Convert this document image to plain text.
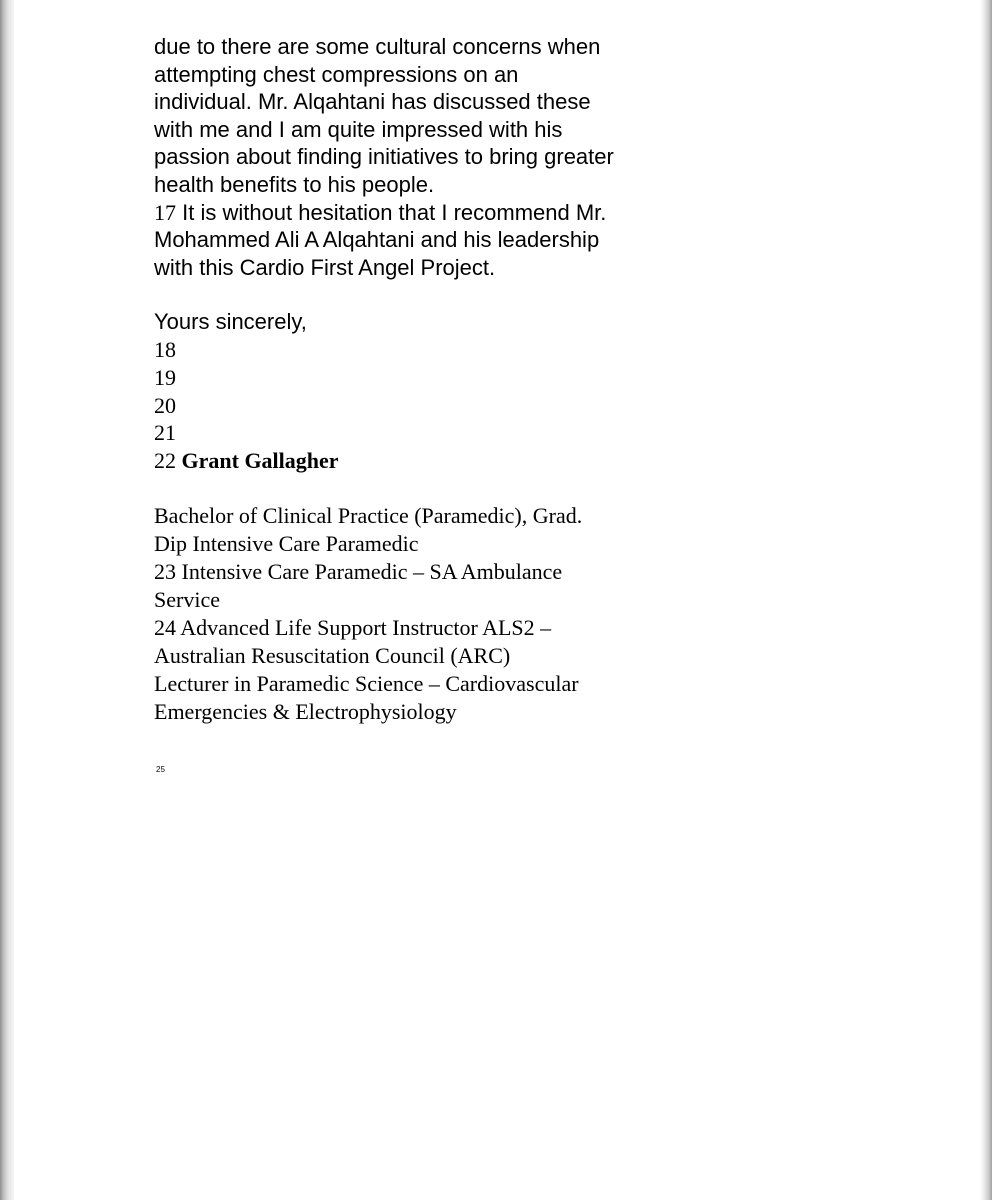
due to there are some cultural concerns when
attempting chest compressions on an
individual. Mr. Alqahtani has discussed these
with me and I am quite impressed with his
passion about finding initiatives to bring greater
health benefits to his people.
17 It is without hesitation that I recommend Mr.
Mohammed Ali A Alqahtani and his leadership
with this Cardio First Angel Project.
Yours sincerely,
18
19
20
21
22 Grant Gallagher
Bachelor of Clinical Practice (Paramedic), Grad.
Dip Intensive Care Paramedic
23 Intensive Care Paramedic – SA Ambulance
Service
24 Advanced Life Support Instructor ALS2 –
Australian Resuscitation Council (ARC)
Lecturer in Paramedic Science – Cardiovascular
Emergencies & Electrophysiology
25
